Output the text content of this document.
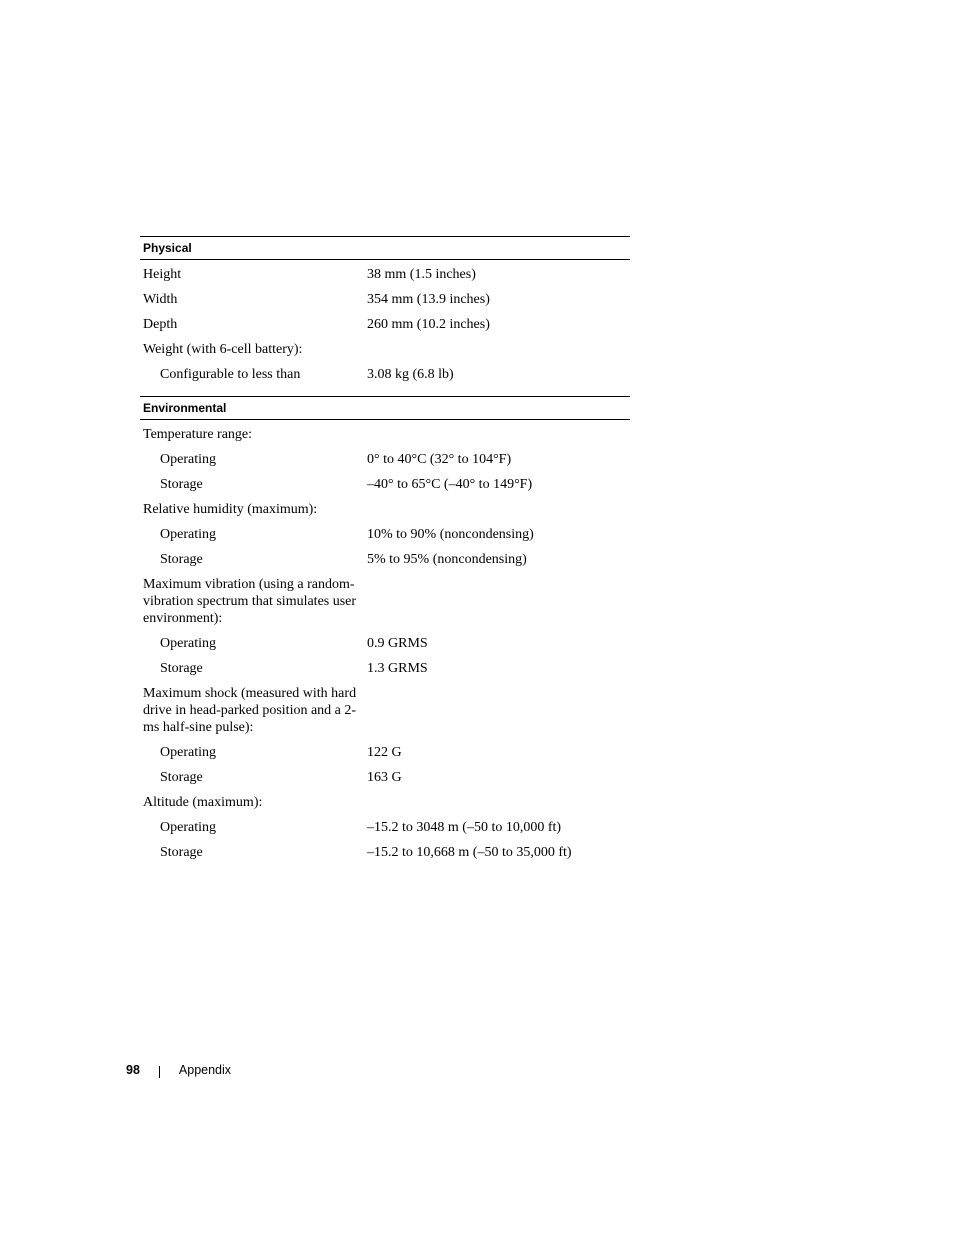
Physical
Height	38 mm (1.5 inches)
Width	354 mm (13.9 inches)
Depth	260 mm (10.2 inches)
Weight (with 6-cell battery):
Configurable to less than	3.08 kg (6.8 lb)
Environmental
Temperature range:
Operating	0° to 40°C (32° to 104°F)
Storage	–40° to 65°C (–40° to 149°F)
Relative humidity (maximum):
Operating	10% to 90% (noncondensing)
Storage	5% to 95% (noncondensing)
Maximum vibration (using a random-vibration spectrum that simulates user environment):
Operating	0.9 GRMS
Storage	1.3 GRMS
Maximum shock (measured with hard drive in head-parked position and a 2-ms half-sine pulse):
Operating	122 G
Storage	163 G
Altitude (maximum):
Operating	–15.2 to 3048 m (–50 to 10,000 ft)
Storage	–15.2 to 10,668 m (–50 to 35,000 ft)
98	Appendix
